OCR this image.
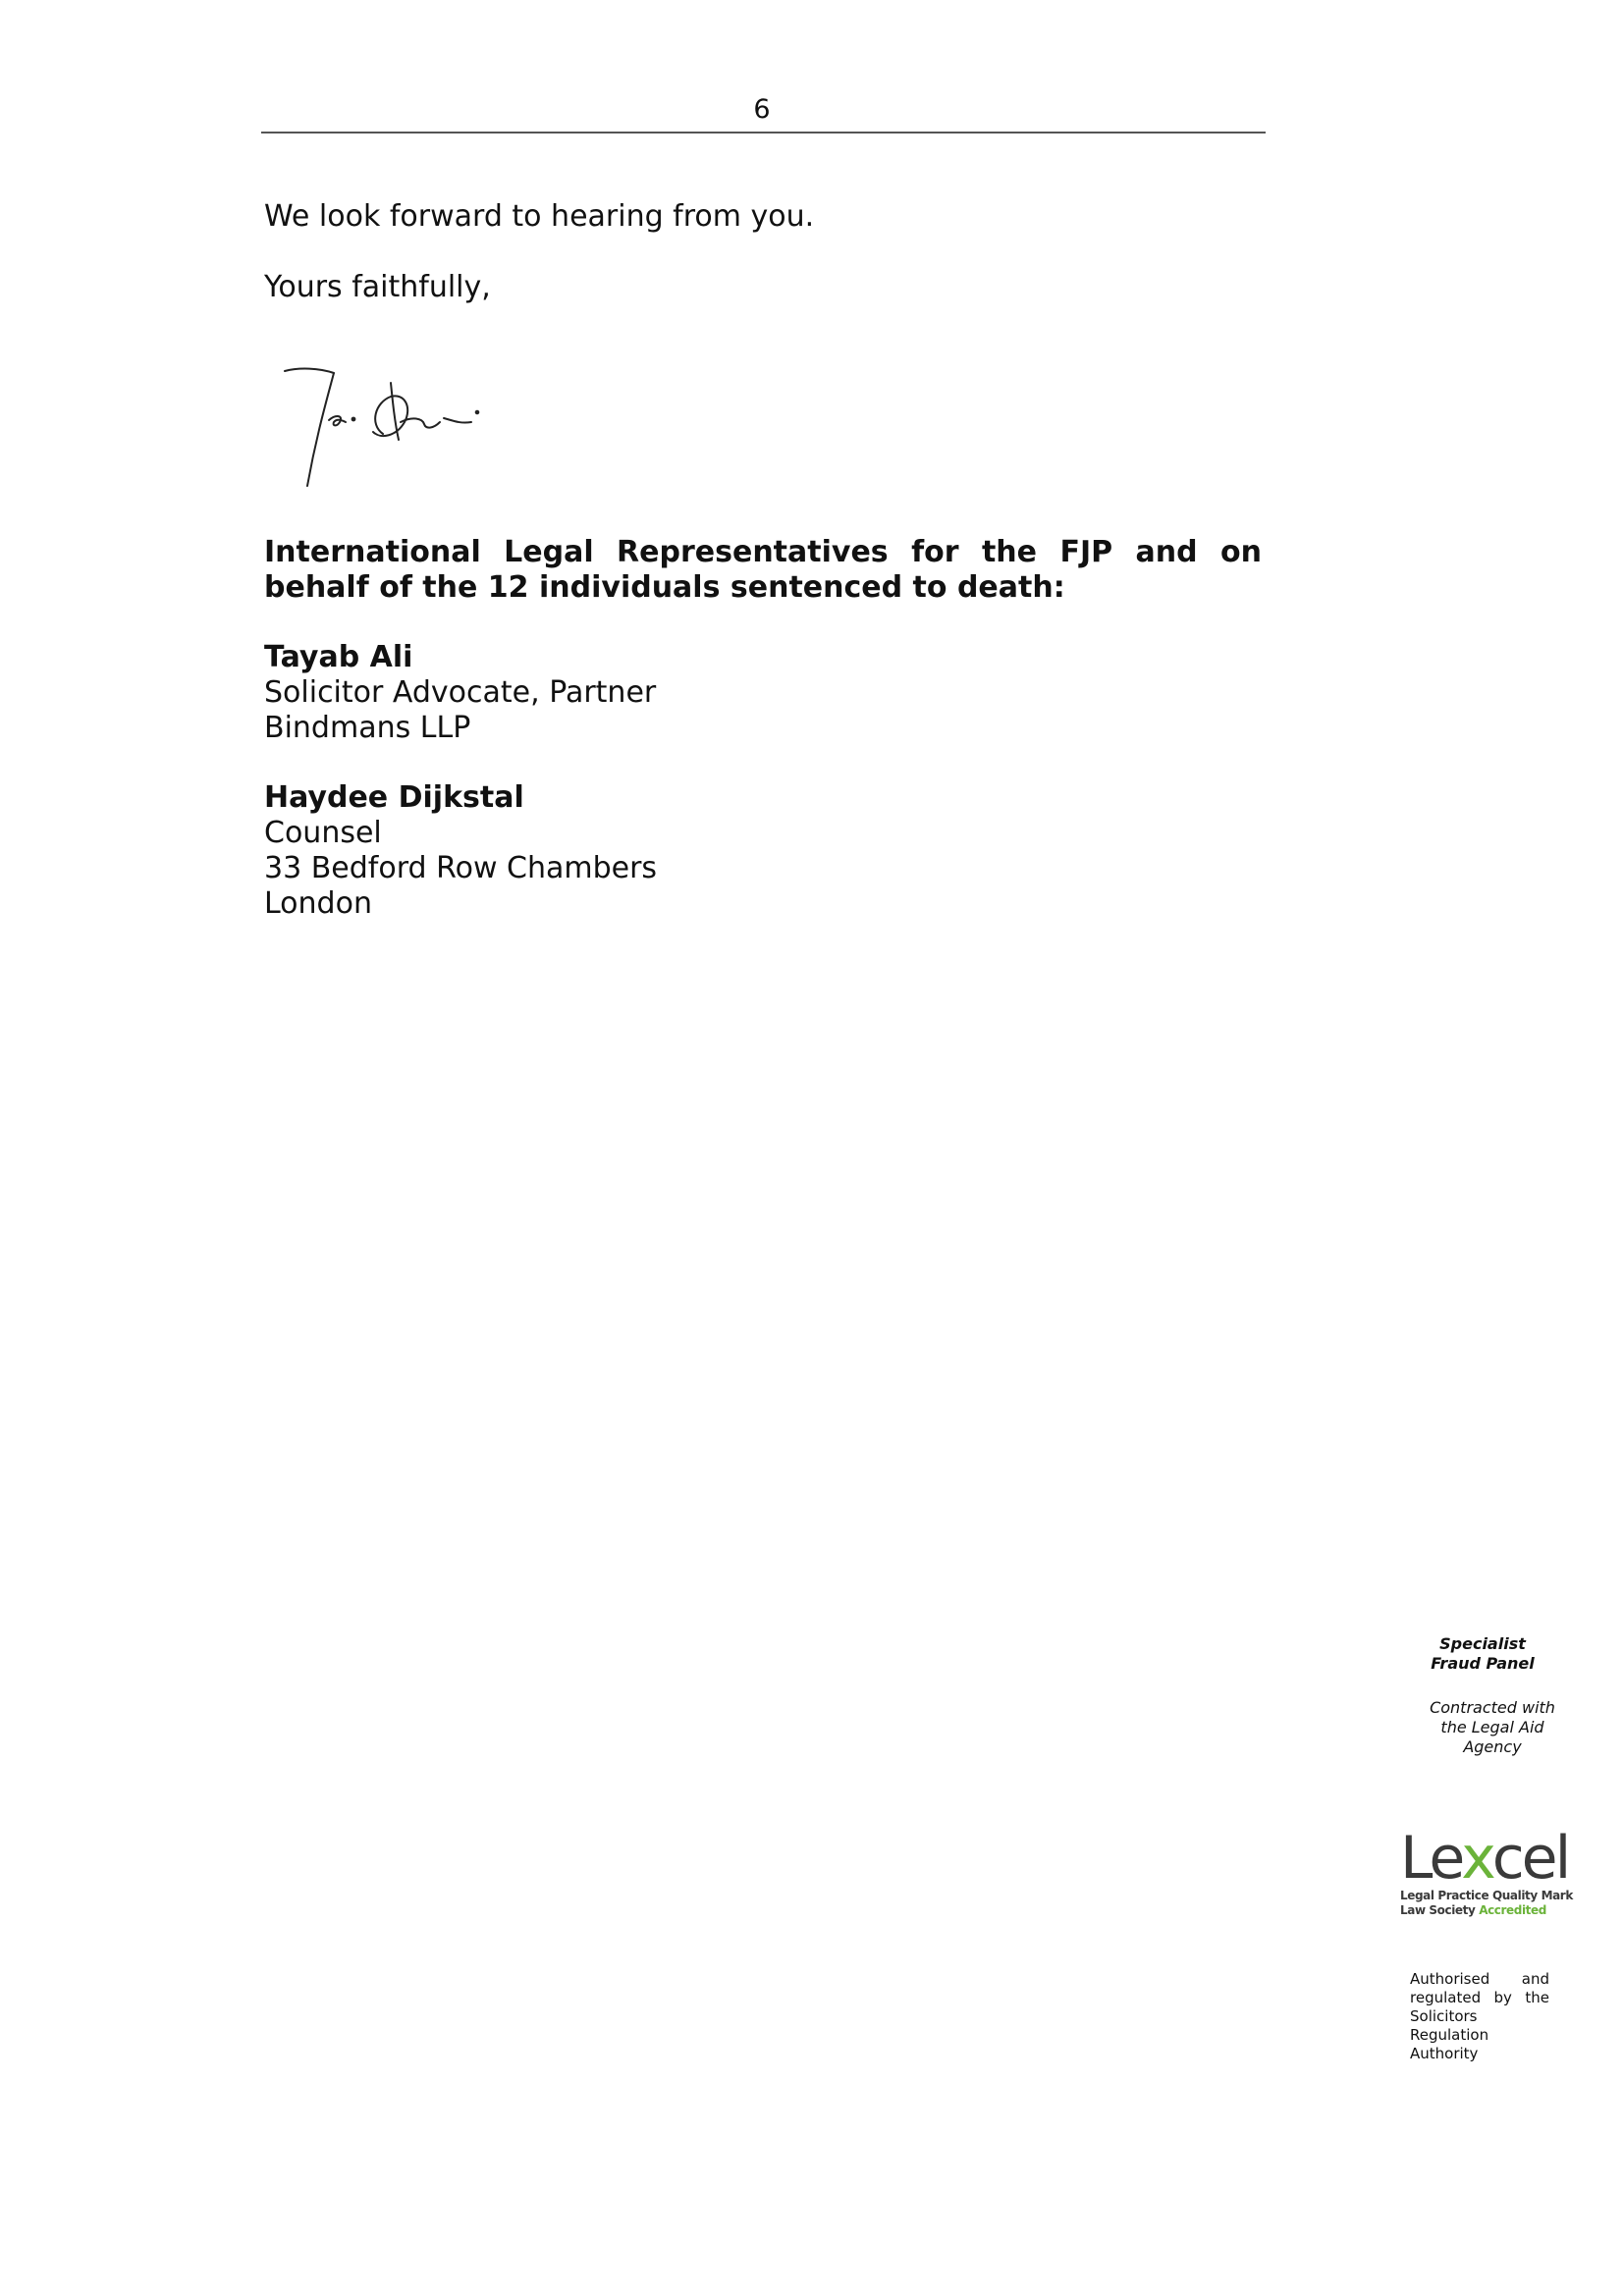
6
We look forward to hearing from you.
Yours faithfully,
International Legal Representatives for the FJP and on behalf of the 12 individuals sentenced to death:
Tayab Ali
Solicitor Advocate, Partner
Bindmans LLP
Haydee Dijkstal
Counsel
33 Bedford Row Chambers
London
Specialist
Fraud Panel
Contracted with
the Legal Aid
Agency
Lexcel
Legal Practice Quality Mark
Law Society Accredited
Authorised and regulated by the Solicitors Regulation Authority
